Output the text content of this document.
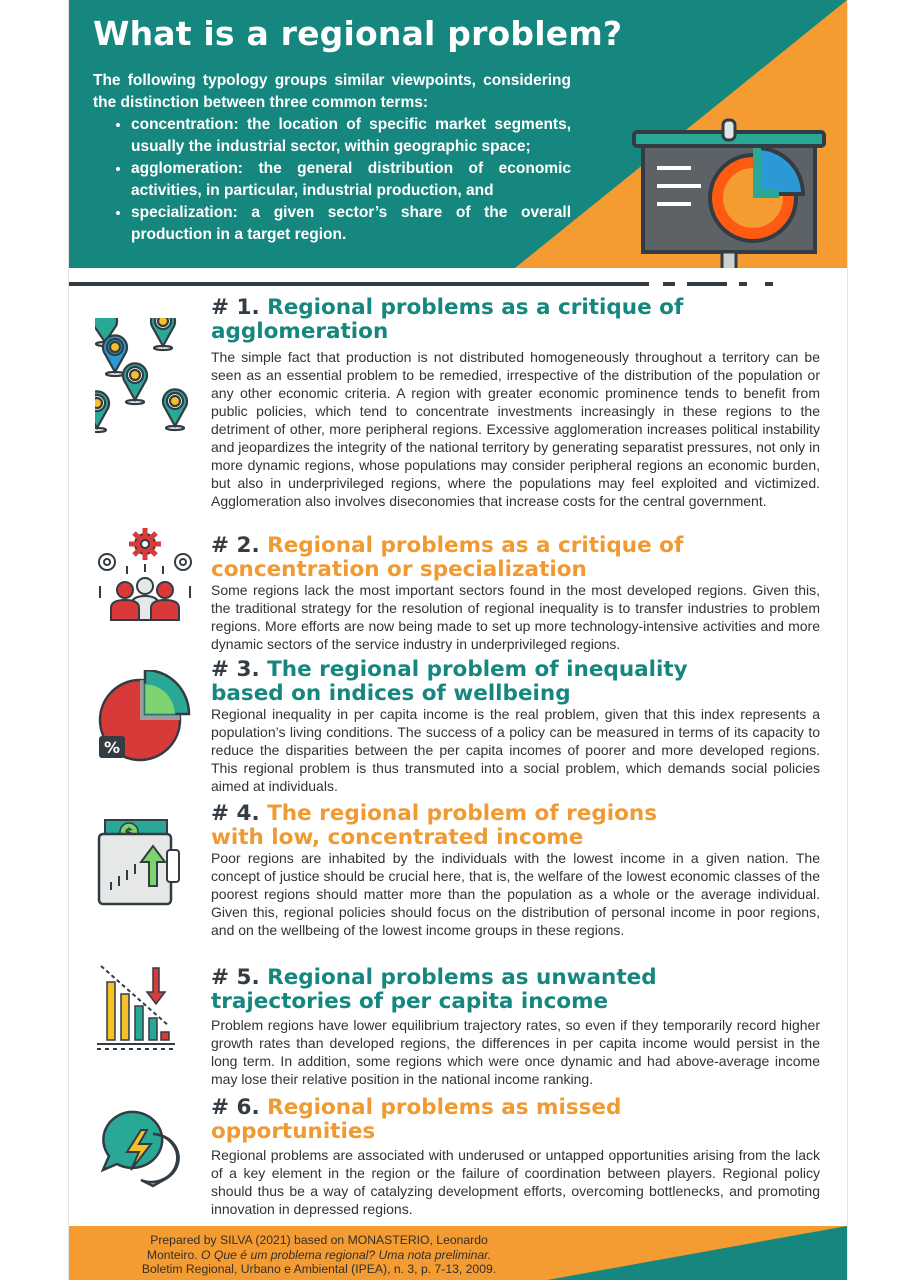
What is a regional problem?
The following typology groups similar viewpoints, considering the distinction between three common terms:
• concentration: the location of specific market segments, usually the industrial sector, within geographic space;
• agglomeration: the general distribution of economic activities, in particular, industrial production, and
• specialization: a given sector’s share of the overall production in a target region.
# 1. Regional problems as a critique of
agglomeration

The simple fact that production is not distributed homogeneously throughout a territory can be seen as an essential problem to be remedied, irrespective of the distribution of the population or any other economic criteria. A region with greater economic prominence tends to benefit from public policies, which tend to concentrate investments increasingly in these regions to the detriment of other, more peripheral regions. Excessive agglomeration increases political instability and jeopardizes the integrity of the national territory by generating separatist pressures, not only in more dynamic regions, whose populations may consider peripheral regions an economic burden, but also in underprivileged regions, where the populations may feel exploited and victimized. Agglomeration also involves diseconomies that increase costs for the central government.

# 2. Regional problems as a critique of
concentration or specialization

Some regions lack the most important sectors found in the most developed regions. Given this, the traditional strategy for the resolution of regional inequality is to transfer industries to problem regions. More efforts are now being made to set up more technology-intensive activities and more dynamic sectors of the service industry in underprivileged regions.

%
# 3. The regional problem of inequality
based on indices of wellbeing

Regional inequality in per capita income is the real problem, given that this index represents a population’s living conditions. The success of a policy can be measured in terms of its capacity to reduce the disparities between the per capita incomes of poorer and more developed regions. This regional problem is thus transmuted into a social problem, which demands social policies aimed at individuals.

# 4. The regional problem of regions
with low, concentrated income

Poor regions are inhabited by the individuals with the lowest income in a given nation. The concept of justice should be crucial here, that is, the welfare of the lowest economic classes of the poorest regions should matter more than the population as a whole or the average individual. Given this, regional policies should focus on the distribution of personal income in poor regions, and on the wellbeing of the lowest income groups in these regions.

# 5. Regional problems as unwanted
trajectories of per capita income

Problem regions have lower equilibrium trajectory rates, so even if they temporarily record higher growth rates than developed regions, the differences in per capita income would persist in the long term. In addition, some regions which were once dynamic and had above-average income may lose their relative position in the national income ranking.

# 6. Regional problems as missed
opportunities

Regional problems are associated with underused or untapped opportunities arising from the lack of a key element in the region or the failure of coordination between players. Regional policy should thus be a way of catalyzing development efforts, overcoming bottlenecks, and promoting innovation in depressed regions.

Prepared by SILVA (2021) based on MONASTERIO, Leonardo
Monteiro. O Que é um problema regional? Uma nota preliminar.
Boletim Regional, Urbano e Ambiental (IPEA), n. 3, p. 7-13, 2009.
